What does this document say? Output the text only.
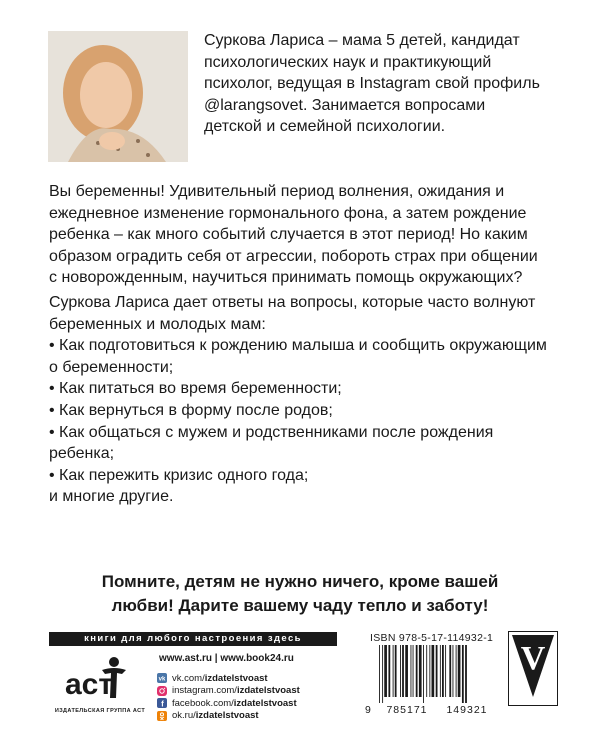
Суркова Лариса – мама 5 детей, кандидат психологических наук и практикующий психолог, ведущая в Instagram свой профиль @larangsovet. Занимается вопросами детской и семейной психологии.

Вы беременны! Удивительный период волнения, ожидания и ежедневное изменение гормонального фона, а затем рождение ребенка – как много событий случается в этот период! Но каким образом оградить себя от агрессии, побороть страх при общении с новорожденным, научиться принимать помощь окружающих?

Суркова Лариса дает ответы на вопросы, которые часто волнуют беременных и молодых мам:

• Как подготовиться к рождению малыша и сообщить окружающим о беременности;

• Как питаться во время беременности;

• Как вернуться в форму после родов;

• Как общаться с мужем и родственниками после рождения ребенка;

• Как пережить кризис одного года;

и многие другие.

Помните, детям не нужно ничего, кроме вашей
любви! Дарите вашему чаду тепло и заботу!

книги для любого настроения здесь
acт
ИЗДАТЕЛЬСКАЯ ГРУППА АСТ
www.ast.ru | www.book24.ru
vk vk.com/ izdatelstvoast
instagram.com/ izdatelstvoast
f facebook.com/ izdatelstvoast
ok.ru/ izdatelstvoast
ISBN 978-5-17-114932-1
9	785171	149321
V
